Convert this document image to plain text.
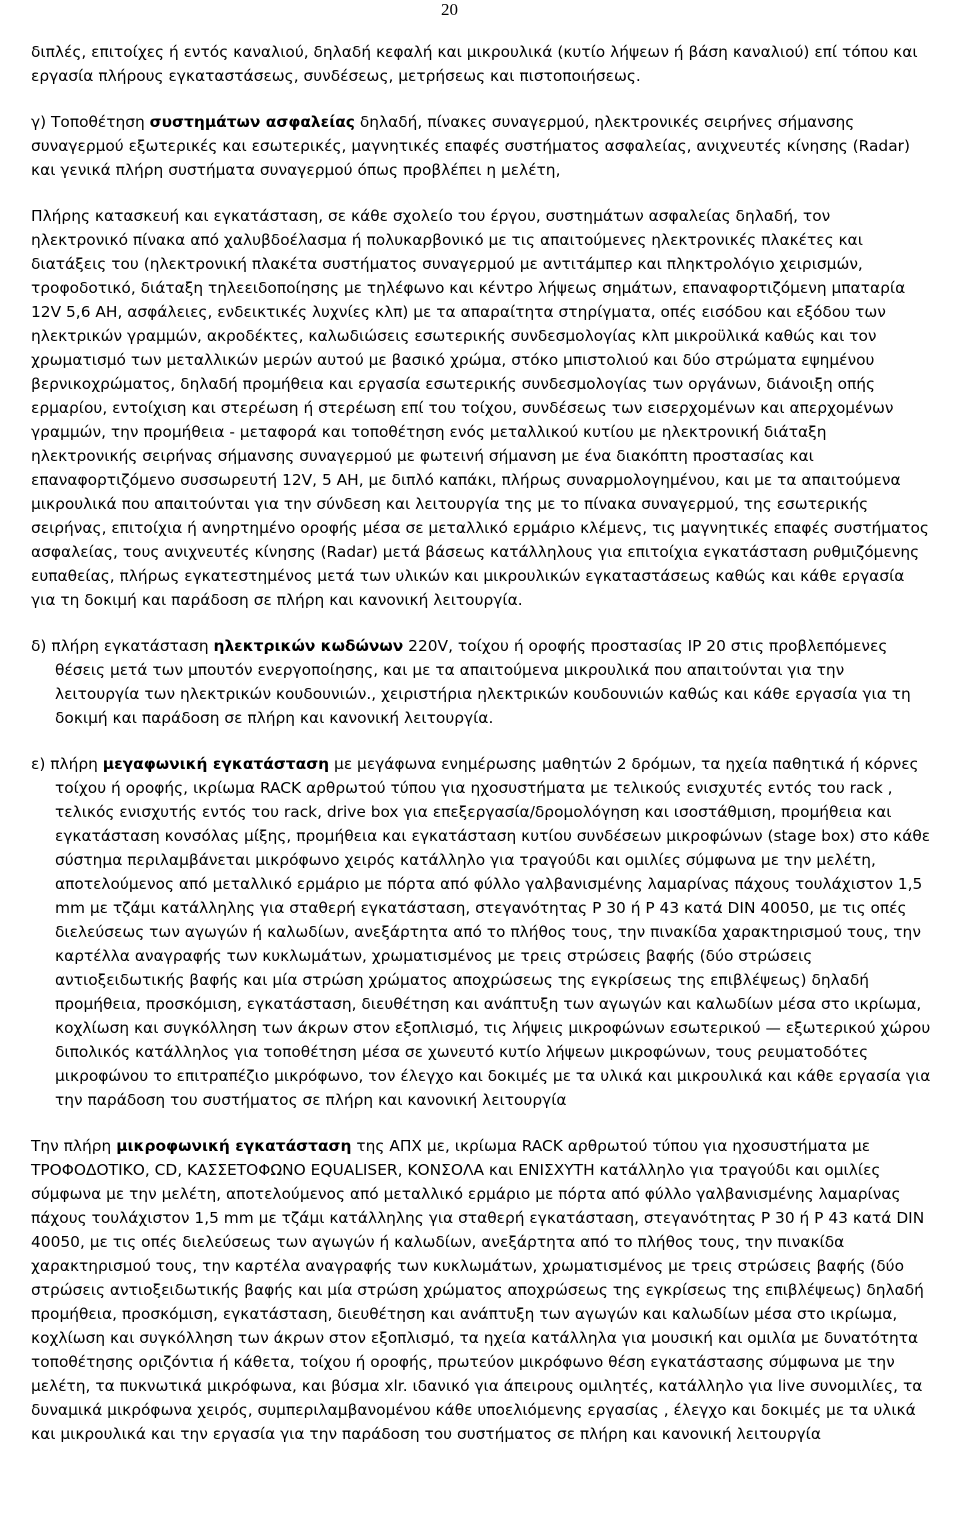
20

διπλές, επιτοίχες ή εντός καναλιού, δηλαδή κεφαλή και μικρουλικά (κυτίο λήψεων ή βάση καναλιού) επί τόπου και εργασία πλήρους εγκαταστάσεως, συνδέσεως, μετρήσεως και πιστοποιήσεως.

γ) Τοποθέτηση συστημάτων ασφαλείας δηλαδή, πίνακες συναγερμού, ηλεκτρονικές σειρήνες σήμανσης συναγερμού εξωτερικές και εσωτερικές, μαγνητικές επαφές συστήματος ασφαλείας, ανιχνευτές κίνησης (Radar) και γενικά πλήρη συστήματα συναγερμού όπως προβλέπει η μελέτη,

Πλήρης κατασκευή και εγκατάσταση, σε κάθε σχολείο του έργου, συστημάτων ασφαλείας δηλαδή, τον ηλεκτρονικό πίνακα από χαλυβδοέλασμα ή πολυκαρβονικό με τις απαιτούμενες ηλεκτρονικές πλακέτες και διατάξεις του (ηλεκτρονική πλακέτα συστήματος συναγερμού με αντιτάμπερ και πληκτρολόγιο χειρισμών, τροφοδοτικό, διάταξη τηλεειδοποίησης με τηλέφωνο και κέντρο λήψεως σημάτων, επαναφορτιζόμενη μπαταρία 12V 5,6 AH, ασφάλειες, ενδεικτικές λυχνίες κλπ) με τα απαραίτητα στηρίγματα, οπές εισόδου και εξόδου των ηλεκτρικών γραμμών, ακροδέκτες, καλωδιώσεις εσωτερικής συνδεσμολογίας κλπ μικροϋλικά καθώς και τον χρωματισμό των μεταλλικών μερών αυτού με βασικό χρώμα, στόκο μπιστολιού και δύο στρώματα εψημένου βερνικοχρώματος, δηλαδή προμήθεια και εργασία εσωτερικής συνδεσμολογίας των οργάνων, διάνοιξη οπής ερμαρίου, εντοίχιση και στερέωση ή στερέωση επί του τοίχου, συνδέσεως των εισερχομένων και απερχομένων γραμμών, την προμήθεια - μεταφορά και τοποθέτηση ενός μεταλλικού κυτίου με ηλεκτρονική διάταξη ηλεκτρονικής σειρήνας σήμανσης συναγερμού με φωτεινή σήμανση με ένα διακόπτη προστασίας και επαναφορτιζόμενο συσσωρευτή 12V, 5 AH, με διπλό καπάκι, πλήρως συναρμολογημένου, και με τα απαιτούμενα μικρουλικά που απαιτούνται για την σύνδεση και λειτουργία της με το πίνακα συναγερμού, της εσωτερικής σειρήνας, επιτοίχια ή ανηρτημένο οροφής μέσα σε μεταλλικό ερμάριο κλέμενς, τις μαγνητικές επαφές συστήματος ασφαλείας, τους ανιχνευτές κίνησης (Radar) μετά βάσεως κατάλληλους για επιτοίχια εγκατάσταση ρυθμιζόμενης ευπαθείας, πλήρως εγκατεστημένος μετά των υλικών και μικρουλικών εγκαταστάσεως καθώς και κάθε εργασία για τη δοκιμή και παράδοση σε πλήρη και κανονική λειτουργία.

δ) πλήρη εγκατάσταση ηλεκτρικών κωδώνων 220V, τοίχου ή οροφής προστασίας IP 20 στις προβλεπόμενες θέσεις μετά των μπουτόν ενεργοποίησης, και με τα απαιτούμενα μικρουλικά που απαιτούνται για την λειτουργία των ηλεκτρικών κουδουνιών., χειριστήρια ηλεκτρικών κουδουνιών καθώς και κάθε εργασία για τη δοκιμή και παράδοση σε πλήρη και κανονική λειτουργία.

ε) πλήρη μεγαφωνική εγκατάσταση με μεγάφωνα ενημέρωσης μαθητών 2 δρόμων, τα ηχεία παθητικά ή κόρνες τοίχου ή οροφής, ικρίωμα RACK αρθρωτού τύπου για ηχοσυστήματα με τελικούς ενισχυτές εντός του rack , τελικός ενισχυτής εντός του rack, drive box για επεξεργασία/δρομολόγηση και ισοστάθμιση, προμήθεια και εγκατάσταση κονσόλας μίξης, προμήθεια και εγκατάσταση κυτίου συνδέσεων μικροφώνων (stage box) στο κάθε σύστημα περιλαμβάνεται μικρόφωνο χειρός κατάλληλο για τραγούδι και ομιλίες σύμφωνα με την μελέτη, αποτελούμενος από μεταλλικό ερμάριο με πόρτα από φύλλο γαλβανισμένης λαμαρίνας πάχους τουλάχιστον 1,5 mm με τζάμι κατάλληλης για σταθερή εγκατάσταση, στεγανότητας P 30 ή P 43 κατά DIN 40050, με τις οπές διελεύσεως των αγωγών ή καλωδίων, ανεξάρτητα από το πλήθος τους, την πινακίδα χαρακτηρισμού τους, την καρτέλλα αναγραφής των κυκλωμάτων, χρωματισμένος με τρεις στρώσεις βαφής (δύο στρώσεις αντιοξειδωτικής βαφής και μία στρώση χρώματος αποχρώσεως της εγκρίσεως της επιβλέψεως) δηλαδή προμήθεια, προσκόμιση, εγκατάσταση, διευθέτηση και ανάπτυξη των αγωγών και καλωδίων μέσα στο ικρίωμα, κοχλίωση και συγκόλληση των άκρων στον εξοπλισμό, τις λήψεις μικροφώνων εσωτερικού — εξωτερικού χώρου διπολικός κατάλληλος για τοποθέτηση μέσα σε χωνευτό κυτίο λήψεων μικροφώνων, τους ρευματοδότες μικροφώνου το επιτραπέζιο μικρόφωνο, τον έλεγχο και δοκιμές με τα υλικά και μικρουλικά και κάθε εργασία για την παράδοση του συστήματος σε πλήρη και κανονική λειτουργία

Την πλήρη μικροφωνική εγκατάσταση της ΑΠΧ με, ικρίωμα RACK αρθρωτού τύπου για ηχοσυστήματα με ΤΡΟΦΟΔΟΤΙΚΟ, CD, ΚΑΣΣΕΤΟΦΩΝΟ EQUALISER, ΚΟΝΣΟΛΑ και ΕΝΙΣΧΥΤΗ κατάλληλο για τραγούδι και ομιλίες σύμφωνα με την μελέτη, αποτελούμενος από μεταλλικό ερμάριο με πόρτα από φύλλο γαλβανισμένης λαμαρίνας πάχους τουλάχιστον 1,5 mm με τζάμι κατάλληλης για σταθερή εγκατάσταση, στεγανότητας P 30 ή P 43 κατά DIN 40050, με τις οπές διελεύσεως των αγωγών ή καλωδίων, ανεξάρτητα από το πλήθος τους, την πινακίδα χαρακτηρισμού τους, την καρτέλα αναγραφής των κυκλωμάτων, χρωματισμένος με τρεις στρώσεις βαφής (δύο στρώσεις αντιοξειδωτικής βαφής και μία στρώση χρώματος αποχρώσεως της εγκρίσεως της επιβλέψεως) δηλαδή προμήθεια, προσκόμιση, εγκατάσταση, διευθέτηση και ανάπτυξη των αγωγών και καλωδίων μέσα στο ικρίωμα, κοχλίωση και συγκόλληση των άκρων στον εξοπλισμό, τα ηχεία κατάλληλα για μουσική και ομιλία με δυνατότητα τοποθέτησης οριζόντια ή κάθετα, τοίχου ή οροφής, πρωτεύον μικρόφωνο θέση εγκατάστασης σύμφωνα με την μελέτη, τα πυκνωτικά μικρόφωνα, και βύσμα xlr. ιδανικό για άπειρους ομιλητές, κατάλληλο για live συνομιλίες, τα δυναμικά μικρόφωνα χειρός, συμπεριλαμβανομένου κάθε υποελιόμενης εργασίας , έλεγχο και δοκιμές με τα υλικά και μικρουλικά και την εργασία για την παράδοση του συστήματος σε πλήρη και κανονική λειτουργία
